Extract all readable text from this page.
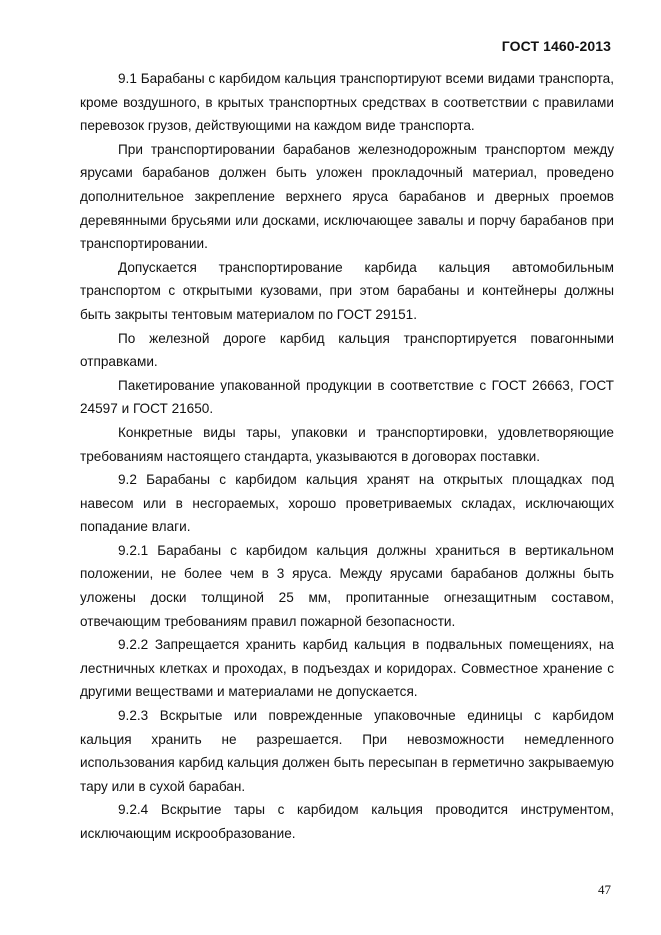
ГОСТ 1460-2013

9.1 Барабаны с карбидом кальция транспортируют всеми видами транспорта, кроме воздушного, в крытых транспортных средствах в соответствии с правилами перевозок грузов, действующими на каждом виде транспорта.

При транспортировании барабанов железнодорожным транспортом между ярусами барабанов должен быть уложен прокладочный материал, проведено дополнительное закрепление верхнего яруса барабанов и дверных проемов деревянными брусьями или досками, исключающее завалы и порчу барабанов при транспортировании.

Допускается транспортирование карбида кальция автомобильным транспортом с открытыми кузовами, при этом барабаны и контейнеры должны быть закрыты тентовым материалом по ГОСТ 29151.

По железной дороге карбид кальция транспортируется повагонными отправками.

Пакетирование упакованной продукции в соответствие с ГОСТ 26663, ГОСТ 24597 и ГОСТ 21650.

Конкретные виды тары, упаковки и транспортировки, удовлетворяющие требованиям настоящего стандарта, указываются в договорах поставки.

9.2 Барабаны с карбидом кальция хранят на открытых площадках под навесом или в несгораемых, хорошо проветриваемых складах, исключающих попадание влаги.

9.2.1 Барабаны с карбидом кальция должны храниться в вертикальном положении, не более чем в 3 яруса. Между ярусами барабанов должны быть уложены доски толщиной 25 мм, пропитанные огнезащитным составом, отвечающим требованиям правил пожарной безопасности.

9.2.2 Запрещается хранить карбид кальция в подвальных помещениях, на лестничных клетках и проходах, в подъездах и коридорах. Совместное хранение с другими веществами и материалами не допускается.

9.2.3 Вскрытые или поврежденные упаковочные единицы с карбидом кальция хранить не разрешается. При невозможности немедленного использования карбид кальция должен быть пересыпан в герметично закрываемую тару или в сухой барабан.

9.2.4 Вскрытие тары с карбидом кальция проводится инструментом, исключающим искрообразование.

47
